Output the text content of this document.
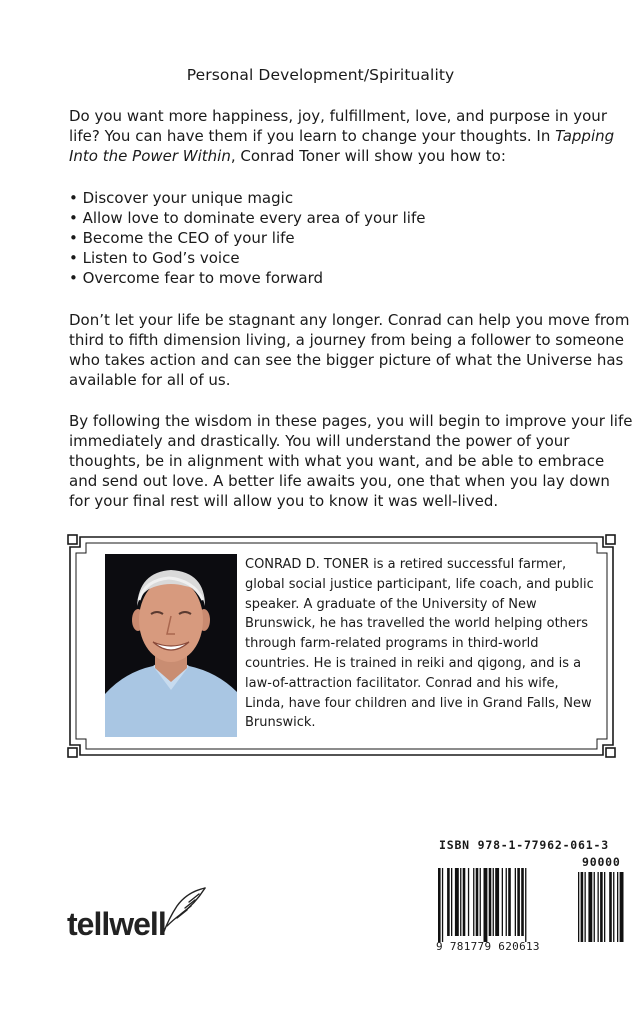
Personal Development/Spirituality

Do you want more happiness, joy, fulfillment, love, and purpose in your life? You can have them if you learn to change your thoughts. In Tapping Into the Power Within, Conrad Toner will show you how to:

• Discover your unique magic
• Allow love to dominate every area of your life
• Become the CEO of your life
• Listen to God’s voice
• Overcome fear to move forward

Don’t let your life be stagnant any longer. Conrad can help you move from third to fifth dimension living, a journey from being a follower to someone who takes action and can see the bigger picture of what the Universe has available for all of us.

By following the wisdom in these pages, you will begin to improve your life immediately and drastically. You will understand the power of your thoughts, be in alignment with what you want, and be able to embrace and send out love. A better life awaits you, one that when you lay down for your final rest will allow you to know it was well-lived.

CONRAD D. TONER is a retired successful farmer, global social justice participant, life coach, and public speaker. A graduate of the University of New Brunswick, he has travelled the world helping others through farm-related programs in third-world countries. He is trained in reiki and qigong, and is a law-of-attraction facilitator. Conrad and his wife, Linda, have four children and live in Grand Falls, New Brunswick.

tellwell
ISBN 978-1-77962-061-3
90000
9 781779 620613
